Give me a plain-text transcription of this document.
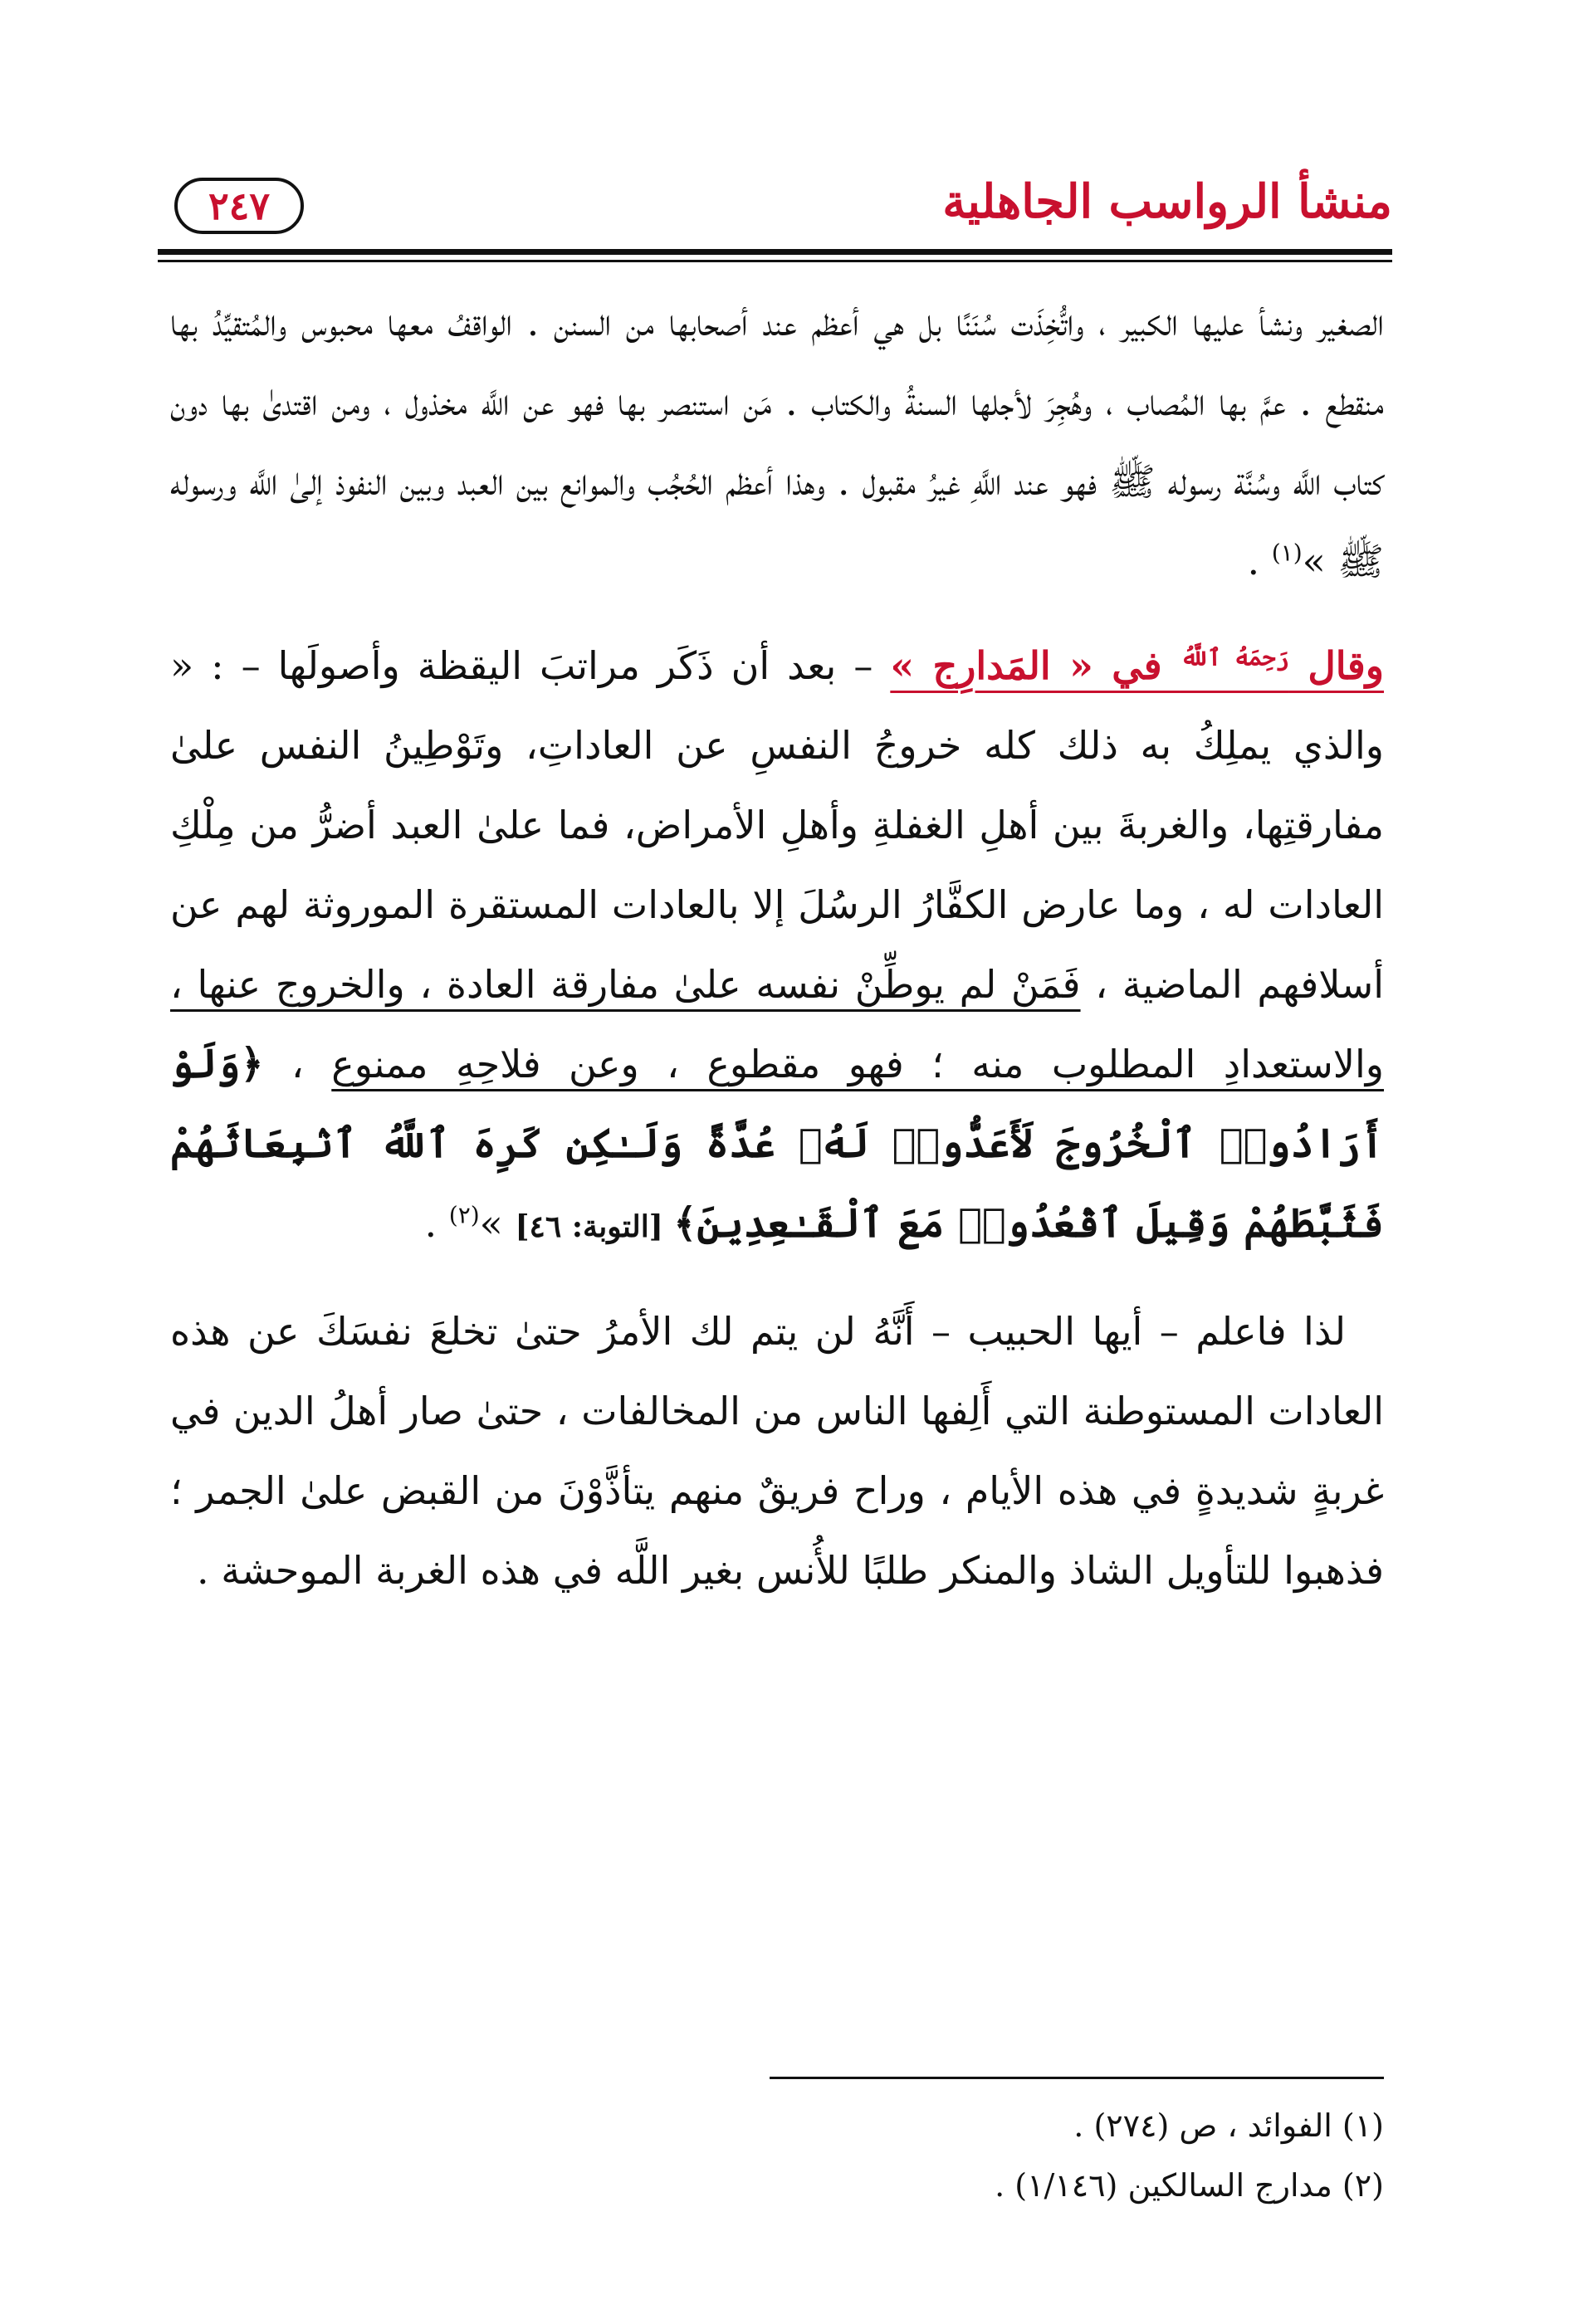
منشأ الرواسب الجاهلية
٢٤٧

الصغير ونشأ عليها الكبير ، واتُّخِذَت سُنَنًا بل هي أعظم عند أصحابها من السنن . الواقفُ معها محبوس والمُتقيِّدُ بها منقطع . عمَّ بها المُصاب ، وهُجِرَ لأجلها السنةُ والكتاب . مَن استنصر بها فهو عن اللَّه مخذول ، ومن اقتدىٰ بها دون كتاب اللَّه وسُنَّة رسوله ﷺ فهو عند اللَّهِ غيرُ مقبول . وهذا أعظم الحُجُب والموانع بين العبد وبين النفوذ إلىٰ اللَّه ورسوله ﷺ »$^{(١)}$ .

وقال $^{رَحِمَهُ ٱللَّهُ}$ في « المَدارِج » – بعد أن ذَكَر مراتبَ اليقظة وأصولَها – : « والذي يملِكُ به ذلك كله خروجُ النفسِ عن العاداتِ، وتَوْطِينُ النفس علىٰ مفارقتِها، والغربةَ بين أهلِ الغفلةِ وأهلِ الأمراض، فما علىٰ العبد أضرُّ من مِلْكِ العادات له ، وما عارض الكفَّارُ الرسُلَ إلا بالعادات المستقرة الموروثة لهم عن أسلافهم الماضية ، فَمَنْ لم يوطِّنْ نفسه علىٰ مفارقة العادة ، والخروج عنها ، والاستعدادِ المطلوب منه ؛ فهو مقطوع ، وعن فلاحِهِ ممنوع ، ﴿وَلَوْ أَرَادُوا۟ ٱلْخُرُوجَ لَأَعَدُّوا۟ لَهُۥ عُدَّةً وَلَـٰكِن كَرِهَ ٱللَّهُ ٱنۢبِعَاثَهُمْ فَثَبَّطَهُمْ وَقِيلَ ٱقْعُدُوا۟ مَعَ ٱلْقَـٰعِدِينَ﴾ [التوبة: ٤٦] »$^{(٢)}$ .

لذا فاعلم – أيها الحبيب – أَنَّهُ لن يتم لك الأمرُ حتىٰ تخلعَ نفسَكَ عن هذه العادات المستوطنة التي أَلِفها الناس من المخالفات ، حتىٰ صار أهلُ الدين في غربةٍ شديدةٍ في هذه الأيام ، وراح فريقٌ منهم يتأذَّوْنَ من القبض علىٰ الجمر ؛ فذهبوا للتأويل الشاذ والمنكر طلبًا للأُنس بغير اللَّه في هذه الغربة الموحشة .

(١) الفوائد ، ص (٢٧٤) .

(٢) مدارج السالكين (١/١٤٦) .
